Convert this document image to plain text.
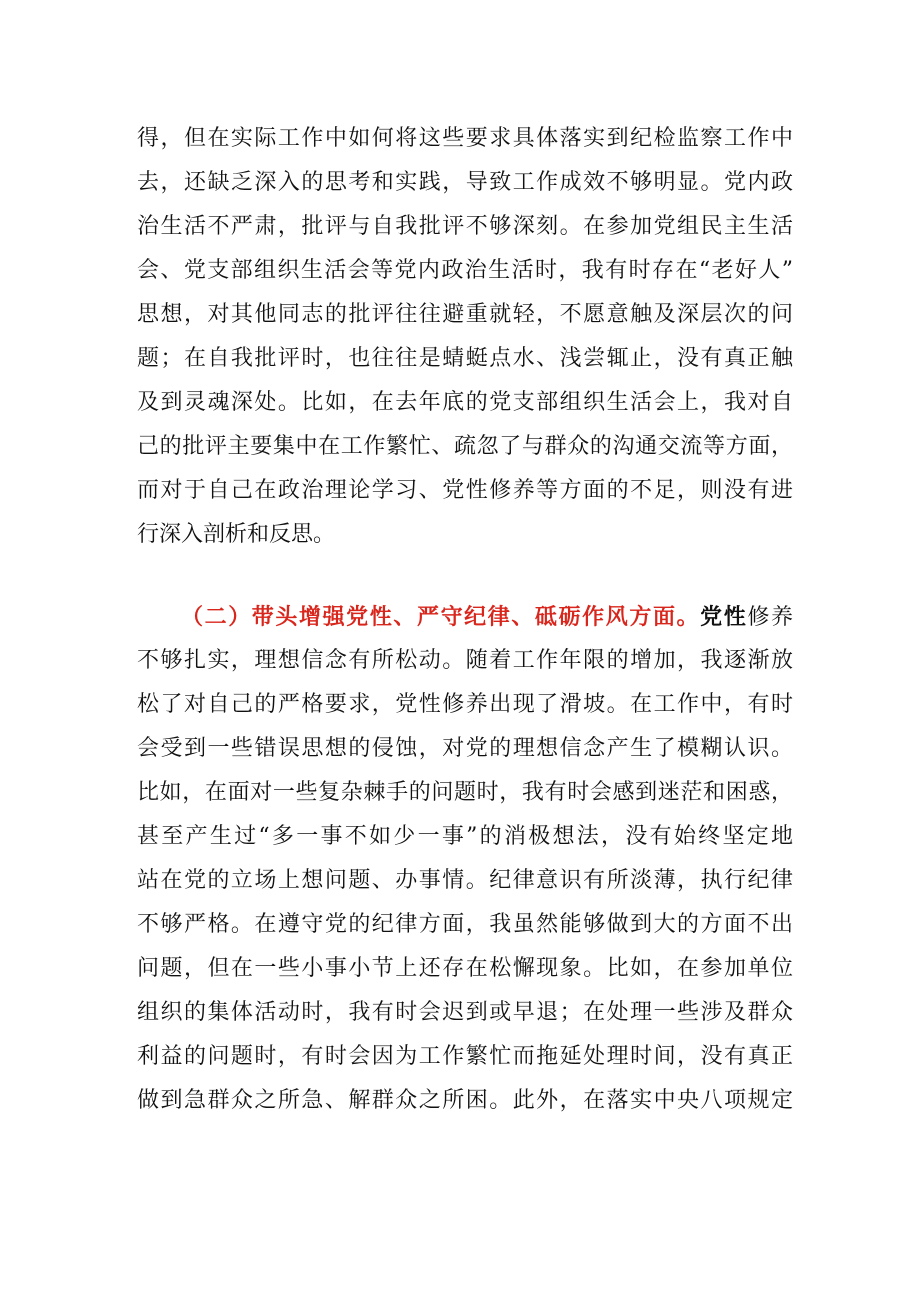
得，但在实际工作中如何将这些要求具体落实到纪检监察工作中
去，还缺乏深入的思考和实践，导致工作成效不够明显。党内政
治生活不严肃，批评与自我批评不够深刻。在参加党组民主生活
会、党支部组织生活会等党内政治生活时，我有时存在“老好人”
思想，对其他同志的批评往往避重就轻，不愿意触及深层次的问
题；在自我批评时，也往往是蜻蜓点水、浅尝辄止，没有真正触
及到灵魂深处。比如，在去年底的党支部组织生活会上，我对自
己的批评主要集中在工作繁忙、疏忽了与群众的沟通交流等方面，
而对于自己在政治理论学习、党性修养等方面的不足，则没有进
行深入剖析和反思。
（二）带头增强党性、严守纪律、砥砺作风方面。党性修养
不够扎实，理想信念有所松动。随着工作年限的增加，我逐渐放
松了对自己的严格要求，党性修养出现了滑坡。在工作中，有时
会受到一些错误思想的侵蚀，对党的理想信念产生了模糊认识。
比如，在面对一些复杂棘手的问题时，我有时会感到迷茫和困惑，
甚至产生过“多一事不如少一事”的消极想法，没有始终坚定地
站在党的立场上想问题、办事情。纪律意识有所淡薄，执行纪律
不够严格。在遵守党的纪律方面，我虽然能够做到大的方面不出
问题，但在一些小事小节上还存在松懈现象。比如，在参加单位
组织的集体活动时，我有时会迟到或早退；在处理一些涉及群众
利益的问题时，有时会因为工作繁忙而拖延处理时间，没有真正
做到急群众之所急、解群众之所困。此外，在落实中央八项规定
